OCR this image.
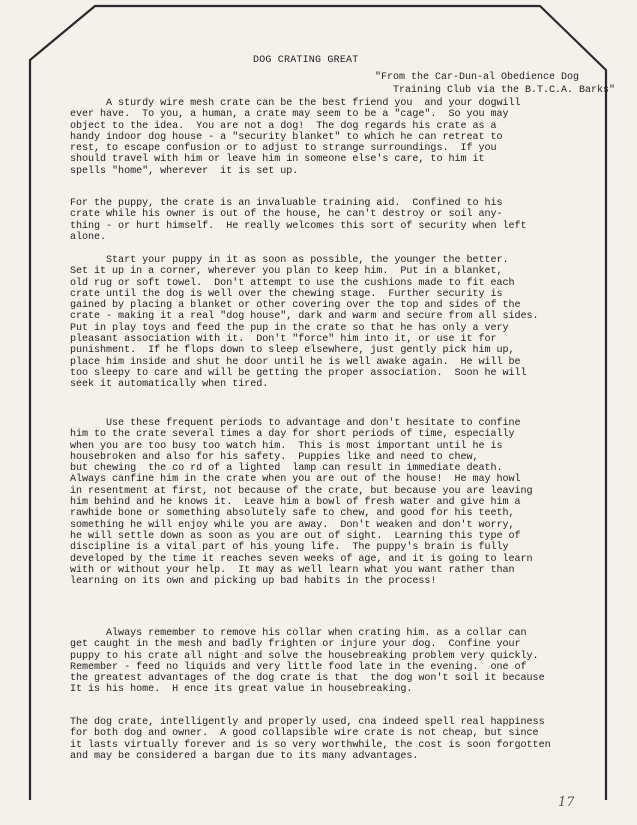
DOG CRATING GREAT
"From the Car-Dun-al Obedience Dog
Training Club via the B.T.C.A. Barks"
A sturdy wire mesh crate can be the best friend you  and your dogwill
ever have.  To you, a human, a crate may seem to be a "cage".  So you may
object to the idea.  You are not a dog!  The dog regards his crate as a
handy indoor dog house - a "security blanket" to which he can retreat to
rest, to escape confusion or to adjust to strange surroundings.  If you
should travel with him or leave him in someone else's care, to him it
spells "home", wherever  it is set up.
For the puppy, the crate is an invaluable training aid.  Confined to his
crate while his owner is out of the house, he can't destroy or soil any-
thing - or hurt himself.  He really welcomes this sort of security when left
alone.
Start your puppy in it as soon as possible, the younger the better.
Set it up in a corner, wherever you plan to keep him.  Put in a blanket,
old rug or soft towel.  Don't attempt to use the cushions made to fit each
crate until the dog is well over the chewing stage.  Further security is
gained by placing a blanket or other covering over the top and sides of the
crate - making it a real "dog house", dark and warm and secure from all sides.
Put in play toys and feed the pup in the crate so that he has only a very
pleasant association with it.  Don't "force" him into it, or use it for
punishment.  If he flops down to sleep elsewhere, just gently pick him up,
place him inside and shut he door until he is well awake again.  He will be
too sleepy to care and will be getting the proper association.  Soon he will
seek it automatically when tired.
Use these frequent periods to advantage and don't hesitate to confine
him to the crate several times a day for short periods of time, especially
when you are too busy too watch him.  This is most important until he is
housebroken and also for his safety.  Puppies like and need to chew,
but chewing  the co rd of a lighted  lamp can result in immediate death.
Always canfine him in the crate when you are out of the house!  He may howl
in resentment at first, not because of the crate, but because you are leaving
him behind and he knows it.  Leave him a bowl of fresh water and give him a
rawhide bone or something absolutely safe to chew, and good for his teeth,
something he will enjoy while you are away.  Don't weaken and don't worry,
he will settle down as soon as you are out of sight.  Learning this type of
discipline is a vital part of his young life.  The puppy's brain is fully
developed by the time it reaches seven weeks of age, and it is going to learn
with or without your help.  It may as well learn what you want rather than
learning on its own and picking up bad habits in the process!
Always remember to remove his collar when crating him. as a collar can
get caught in the mesh and badly frighten or injure your dog.  Confine your
puppy to his crate all night and solve the housebreaking problem very quickly.
Remember - feed no liquids and very little food late in the evening.  one of
the greatest advantages of the dog crate is that  the dog won't soil it because
It is his home.  H ence its great value in housebreaking.
The dog crate, intelligently and properly used, cna indeed spell real happiness
for both dog and owner.  A good collapsible wire crate is not cheap, but since
it lasts virtually forever and is so very worthwhile, the cost is soon forgotten
and may be considered a bargan due to its many advantages.

17
